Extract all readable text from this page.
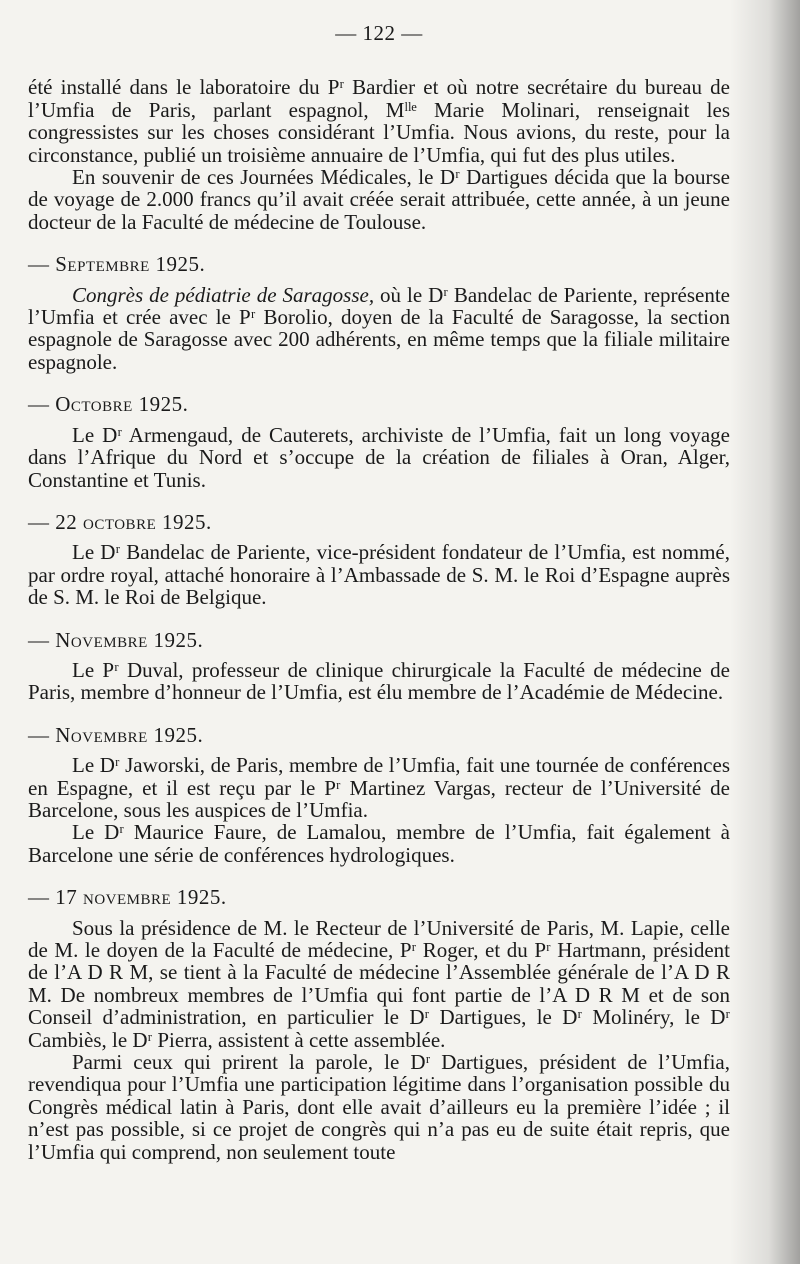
— 122 —

été installé dans le laboratoire du Pʳ Bardier et où notre secrétaire du bureau de l’Umfia de Paris, parlant espagnol, Mˡˡᵉ Marie Molinari, renseignait les congressistes sur les choses considérant l’Umfia. Nous avions, du reste, pour la circonstance, publié un troisième annuaire de l’Umfia, qui fut des plus utiles.

En souvenir de ces Journées Médicales, le Dʳ Dartigues décida que la bourse de voyage de 2.000 francs qu’il avait créée serait attribuée, cette année, à un jeune docteur de la Faculté de médecine de Toulouse.

— Septembre 1925.

Congrès de pédiatrie de Saragosse, où le Dʳ Bandelac de Pariente, représente l’Umfia et crée avec le Pʳ Borolio, doyen de la Faculté de Saragosse, la section espagnole de Saragosse avec 200 adhérents, en même temps que la filiale militaire espagnole.

— Octobre 1925.

Le Dʳ Armengaud, de Cauterets, archiviste de l’Umfia, fait un long voyage dans l’Afrique du Nord et s’occupe de la création de filiales à Oran, Alger, Constantine et Tunis.

— 22 octobre 1925.

Le Dʳ Bandelac de Pariente, vice-président fondateur de l’Umfia, est nommé, par ordre royal, attaché honoraire à l’Ambassade de S. M. le Roi d’Espagne auprès de S. M. le Roi de Belgique.

— Novembre 1925.

Le Pʳ Duval, professeur de clinique chirurgicale la Faculté de médecine de Paris, membre d’honneur de l’Umfia, est élu membre de l’Académie de Médecine.

— Novembre 1925.

Le Dʳ Jaworski, de Paris, membre de l’Umfia, fait une tournée de conférences en Espagne, et il est reçu par le Pʳ Martinez Vargas, recteur de l’Université de Barcelone, sous les auspices de l’Umfia.

Le Dʳ Maurice Faure, de Lamalou, membre de l’Umfia, fait également à Barcelone une série de conférences hydrologiques.

— 17 novembre 1925.

Sous la présidence de M. le Recteur de l’Université de Paris, M. Lapie, celle de M. le doyen de la Faculté de médecine, Pʳ Roger, et du Pʳ Hartmann, président de l’A D R M, se tient à la Faculté de médecine l’Assemblée générale de l’A D R M. De nombreux membres de l’Umfia qui font partie de l’A D R M et de son Conseil d’administration, en particulier le Dʳ Dartigues, le Dʳ Molinéry, le Dʳ Cambiès, le Dʳ Pierra, assistent à cette assemblée.

Parmi ceux qui prirent la parole, le Dʳ Dartigues, président de l’Umfia, revendiqua pour l’Umfia une participation légitime dans l’organisation possible du Congrès médical latin à Paris, dont elle avait d’ailleurs eu la première l’idée ; il n’est pas possible, si ce projet de congrès qui n’a pas eu de suite était repris, que l’Umfia qui comprend, non seulement toute
